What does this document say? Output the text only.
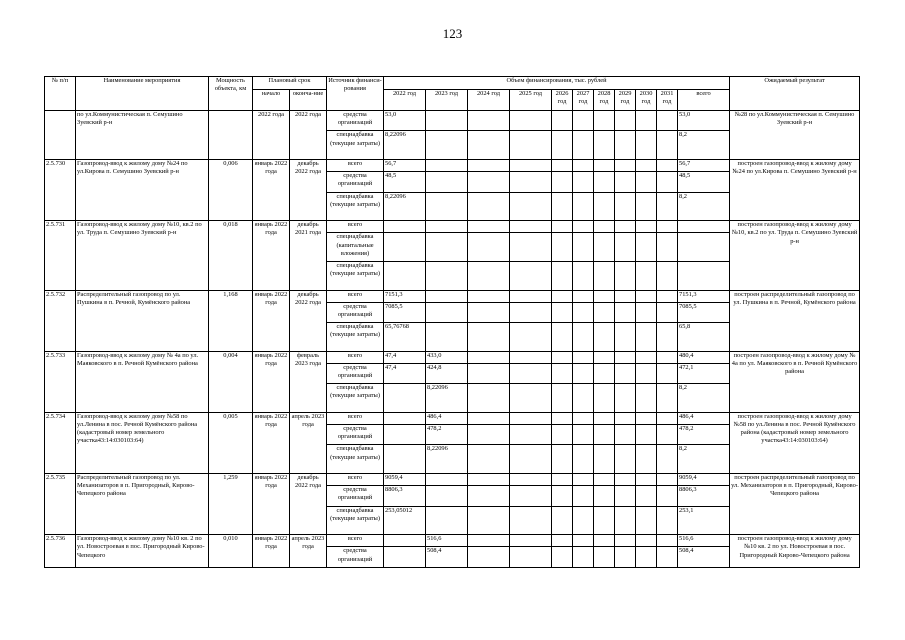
123
№ п/п	Наименование мероприятия	Мощность объекта, км	Плановый срок		Источник финанси-рования	Объем финансирования, тыс. рублей											Ожидаемый результат
			начало	оконча-ние		2022 год	2023 год	2024 год	2025 год	2026 год	2027 год	2028 год	2029 год	2030 год	2031 год	всего	
	по ул.Коммунистическая п. Семушино Зуевский р-н		2022 года	2022 года	средства организаций	53,0										53,0	№28 по ул.Коммунистическая п. Семушино Зуевский р-н
					спецнадбавка (текущие затраты)	8,22096										8,2	
2.5.730	Газопровод-ввод к жилому дому №24 по ул.Кирова п. Семушино Зуевский р-н	0,006	январь 2022 года	декабрь 2022 года	всего	56,7										56,7	построен газопровод-ввод к жилому дому №24 по ул.Кирова п. Семушино Зуевский р-н
					средства организаций	48,5										48,5	
					спецнадбавка (текущие затраты)	8,22096										8,2	
2.5.731	Газопровод-ввод к жилому дому №10, кв.2 по ул. Труда п. Семушино Зуевский р-н	0,018	январь 2022 года	декабрь 2021 года	всего												построен газопровод-ввод к жилому дому №10, кв.2 по ул. Труда п. Семушино Зуевский р-н
					спецнадбавка (капитальные вложения)												
					спецнадбавка (текущие затраты)												
2.5.732	Распределительный газопровод по ул. Пушкина в п. Речной, Кумёнского района	1,168	январь 2022 года	декабрь 2022 года	всего	7151,3										7151,3	построен распределительный газопровод по ул. Пушкина в п. Речной, Кумёнского района
					средства организаций	7085,5										7085,5	
					спецнадбавка (текущие затраты)	65,76768										65,8	
2.5.733	Газопровод-ввод к жилому дому № 4а по ул. Маяковского в п. Речной Кумёнского района	0,004	январь 2022 года	февраль 2023 года	всего	47,4	433,0									480,4	построен газопровод-ввод к жилому дому № 4а по ул. Маяковского в п. Речной Кумёнского района
					средства организаций	47,4	424,8									472,1	
					спецнадбавка (текущие затраты)		8,22096									8,2	
2.5.734	Газопровод-ввод к жилому дому №58 по ул.Ленина в пос. Речной Кумёнского района (кадастровый номер земельного участка43:14:030103:64)	0,005	январь 2022 года	апрель 2023 года	всего		486,4									486,4	построен газопровод-ввод к жилому дому №58 по ул.Ленина в пос. Речной Кумёнского района (кадастровый номер земельного участка43:14:030103:64)
					средства организаций		478,2									478,2	
					спецнадбавка (текущие затраты)		8,22096									8,2	
2.5.735	Распределительный газопровод по ул. Механизаторов в п. Пригородный, Кирово-Чепецкого района	1,259	январь 2022 года	декабрь 2022 года	всего	9059,4										9059,4	построен распределительный газопровод по ул. Механизаторов в п. Пригородный, Кирово-Чепецкого района
					средства организаций	8806,3										8806,3	
					спецнадбавка (текущие затраты)	253,05012										253,1	
2.5.736	Газопровод-ввод к жилому дому №10 кв. 2 по ул. Новостроевая в пос. Пригородный Кирово-Чепецкого	0,010	январь 2022 года	апрель 2023 года	всего		516,6									516,6	построен газопровод-ввод к жилому дому №10 кв. 2 по ул. Новостроевая в пос. Пригородный Кирово-Чепецкого района
					средства организаций		508,4									508,4	
